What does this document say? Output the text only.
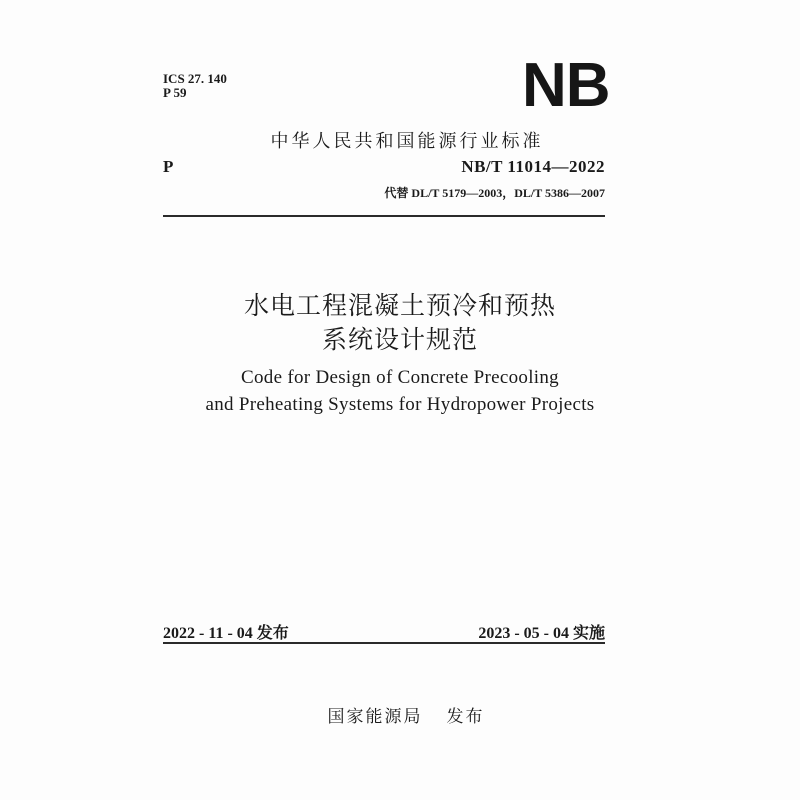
ICS 27. 140
P 59	NB
中华人民共和国能源行业标准
P	NB/T 11014—2022
代替 DL/T 5179—2003，DL/T 5386—2007
水电工程混凝土预冷和预热
系统设计规范
Code for Design of Concrete Precooling
and Preheating Systems for Hydropower Projects
2022 - 11 - 04 发布	2023 - 05 - 04 实施
国家能源局 发布
